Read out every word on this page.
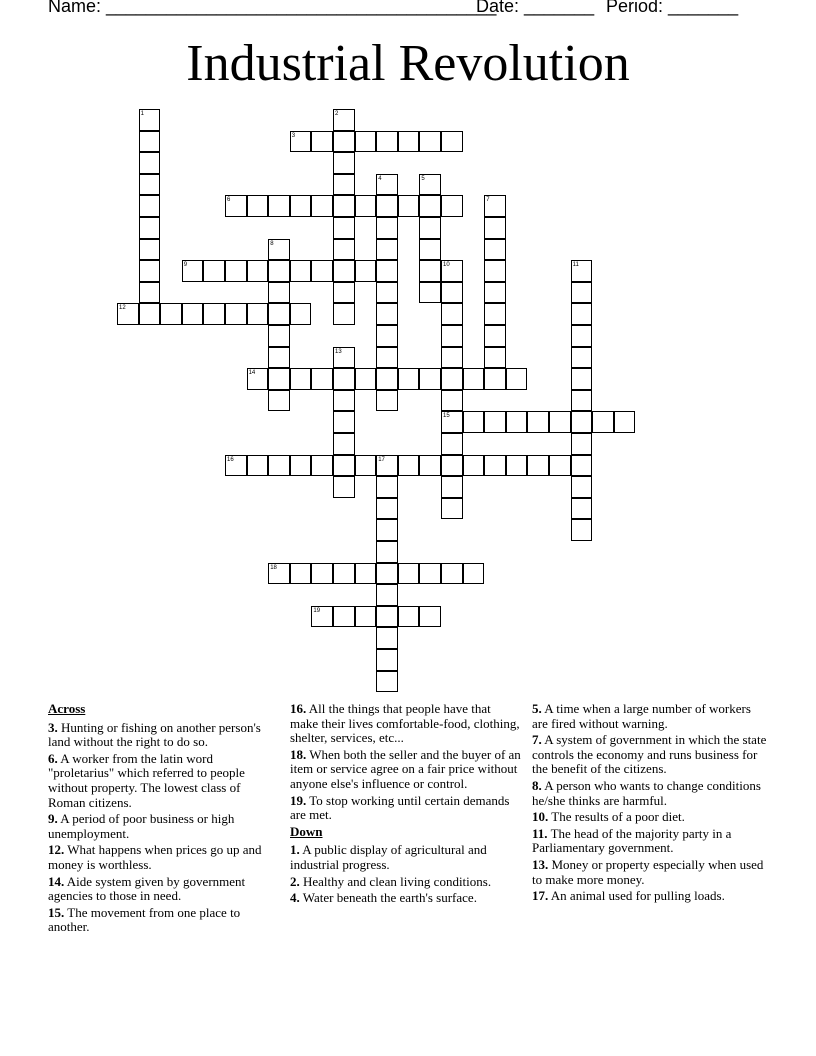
Name: _______________________________________
Date: _______ Period: _______
Industrial Revolution
1	2
3
4	5
6	7
8
9	10	11
12
13
14
15
16	17
18
19
Across
3. Hunting or fishing on another person's land without the right to do so.
6. A worker from the latin word "proletarius" which referred to people without property. The lowest class of Roman citizens.
9. A period of poor business or high unemployment.
12. What happens when prices go up and money is worthless.
14. Aide system given by government agencies to those in need.
15. The movement from one place to another.
16. All the things that people have that make their lives comfortable-food, clothing, shelter, services, etc...
18. When both the seller and the buyer of an item or service agree on a fair price without anyone else's influence or control.
19. To stop working until certain demands are met.
Down
1. A public display of agricultural and industrial progress.
2. Healthy and clean living conditions.
4. Water beneath the earth's surface.
5. A time when a large number of workers are fired without warning.
7. A system of government in which the state controls the economy and runs business for the benefit of the citizens.
8. A person who wants to change conditions he/she thinks are harmful.
10. The results of a poor diet.
11. The head of the majority party in a Parliamentary government.
13. Money or property especially when used to make more money.
17. An animal used for pulling loads.
